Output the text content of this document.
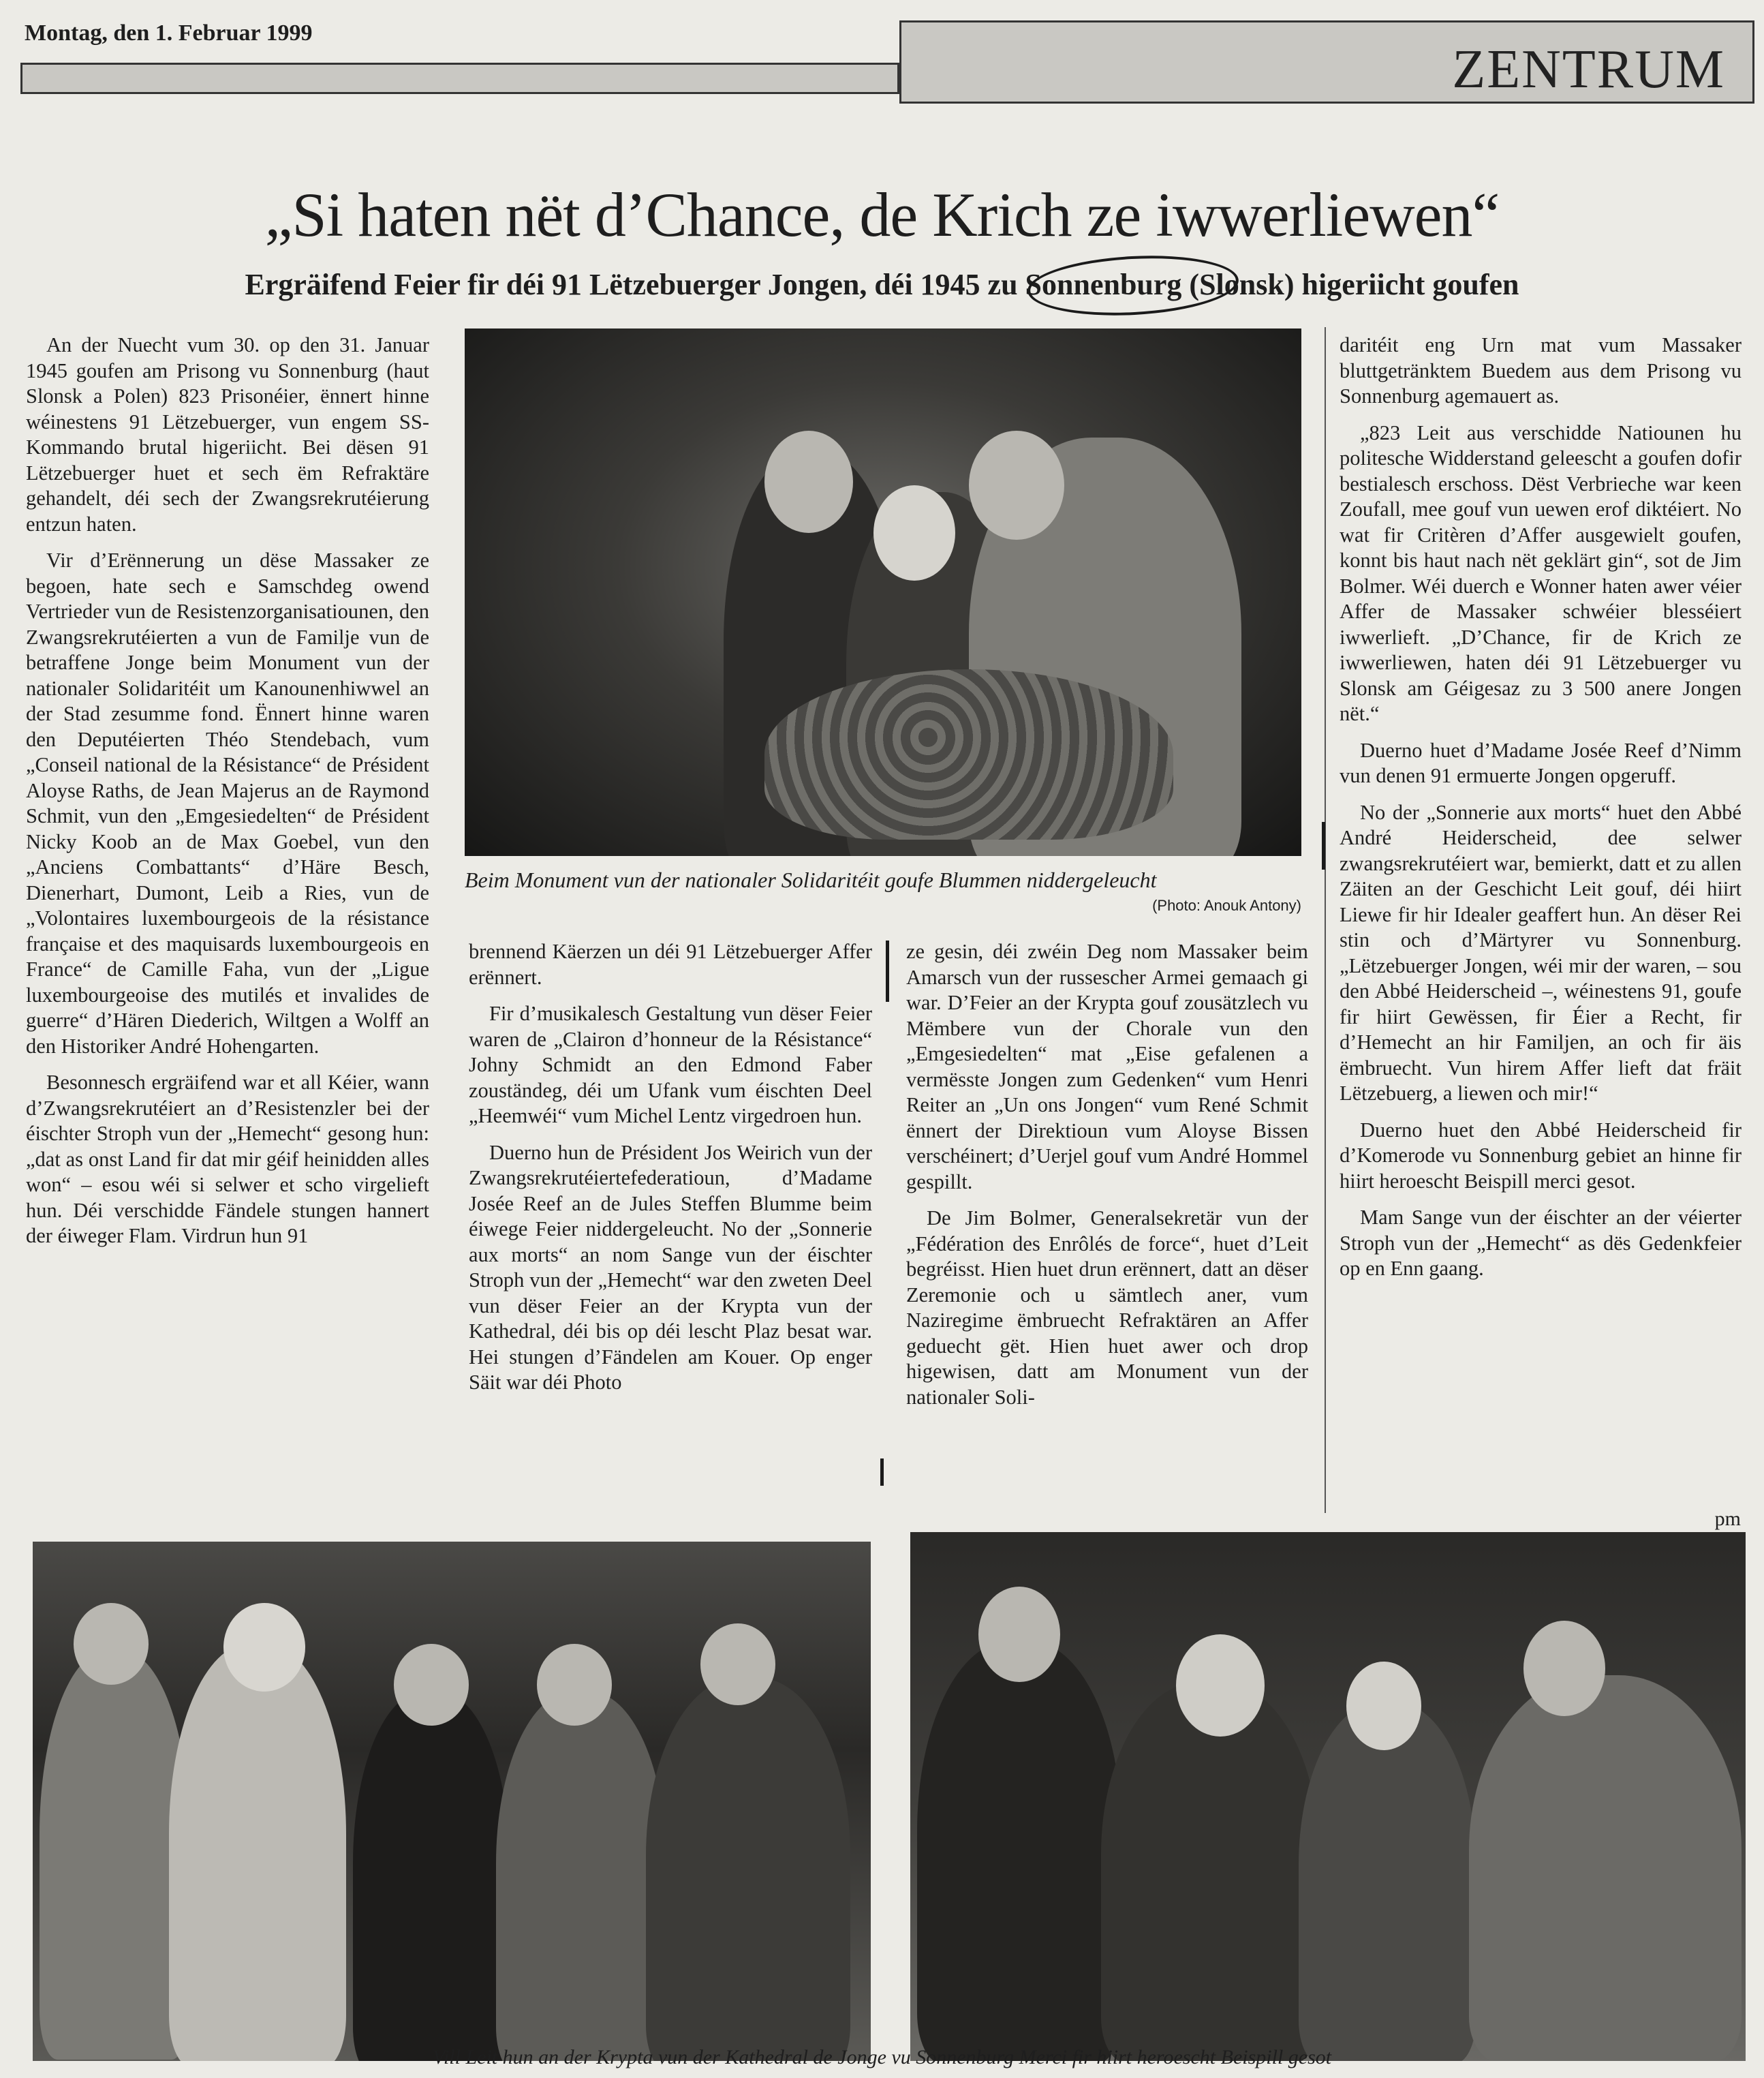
Montag, den 1. Februar 1999
ZENTRUM
„Si haten nët d’Chance, de Krich ze iwwerliewen“
Ergräifend Feier fir déi 91 Lëtzebuerger Jongen, déi 1945 zu Sonnenburg (Slonsk) higeriicht goufen

An der Nuecht vum 30. op den 31. Januar 1945 goufen am Prisong vu Sonnenburg (haut Slonsk a Polen) 823 Prisonéier, ënnert hinne wéinestens 91 Lëtzebuerger, vun engem SS-Kommando brutal higeriicht. Bei dësen 91 Lëtzebuerger huet et sech ëm Refraktäre gehandelt, déi sech der Zwangsrekrutéierung entzun haten.

Vir d’Erënnerung un dëse Massaker ze begoen, hate sech e Samschdeg owend Vertrieder vun de Resistenzorganisatiounen, den Zwangsrekrutéierten a vun de Familje vun de betraffene Jonge beim Monument vun der nationaler Solidaritéit um Kanounenhiwwel an der Stad zesumme fond. Ënnert hinne waren den Deputéierten Théo Stendebach, vum „Conseil national de la Résistance“ de Président Aloyse Raths, de Jean Majerus an de Raymond Schmit, vun den „Emgesiedelten“ de Président Nicky Koob an de Max Goebel, vun den „Anciens Combattants“ d’Häre Besch, Dienerhart, Dumont, Leib a Ries, vun de „Volontaires luxembourgeois de la résistance française et des maquisards luxembourgeois en France“ de Camille Faha, vun der „Ligue luxembourgeoise des mutilés et invalides de guerre“ d’Hären Diederich, Wiltgen a Wolff an den Historiker André Hohengarten.

Besonnesch ergräifend war et all Kéier, wann d’Zwangsrekrutéiert an d’Resistenzler bei der éischter Stroph vun der „Hemecht“ gesong hun: „dat as onst Land fir dat mir géif heinidden alles won“ – esou wéi si selwer et scho virgelieft hun. Déi verschidde Fändele stungen hannert der éiweger Flam. Virdrun hun 91

Beim Monument vun der nationaler Solidaritéit goufe Blummen niddergeleucht
(Photo: Anouk Antony)

brennend Käerzen un déi 91 Lëtzebuerger Affer erënnert.

Fir d’musikalesch Gestaltung vun dëser Feier waren de „Clairon d’honneur de la Résistance“ Johny Schmidt an den Edmond Faber zouständeg, déi um Ufank vum éischten Deel „Heemwéi“ vum Michel Lentz virgedroen hun.

Duerno hun de Président Jos Weirich vun der Zwangsrekrutéiertefederatioun, d’Madame Josée Reef an de Jules Steffen Blumme beim éiwege Feier niddergeleucht. No der „Sonnerie aux morts“ an nom Sange vun der éischter Stroph vun der „Hemecht“ war den zweten Deel vun dëser Feier an der Krypta vun der Kathedral, déi bis op déi lescht Plaz besat war. Hei stungen d’Fändelen am Kouer. Op enger Säit war déi Photo

ze gesin, déi zwéin Deg nom Massaker beim Amarsch vun der russescher Armei gemaach gi war. D’Feier an der Krypta gouf zousätzlech vu Mëmbere vun der Chorale vun den „Emgesiedelten“ mat „Eise gefalenen a vermësste Jongen zum Gedenken“ vum Henri Reiter an „Un ons Jongen“ vum René Schmit ënnert der Direktioun vum Aloyse Bissen verschéinert; d’Uerjel gouf vum André Hommel gespillt.

De Jim Bolmer, Generalsekretär vun der „Fédération des Enrôlés de force“, huet d’Leit begréisst. Hien huet drun erënnert, datt an dëser Zeremonie och u sämtlech aner, vum Naziregime ëmbruecht Refraktären an Affer geduecht gët. Hien huet awer och drop higewisen, datt am Monument vun der nationaler Soli-

daritéit eng Urn mat vum Massaker bluttgetränktem Buedem aus dem Prisong vu Sonnenburg agemauert as.

„823 Leit aus verschidde Natiounen hu politesche Widderstand geleescht a goufen dofir bestialesch erschoss. Dëst Verbrieche war keen Zoufall, mee gouf vun uewen erof diktéiert. No wat fir Critèren d’Affer ausgewielt goufen, konnt bis haut nach nët geklärt gin“, sot de Jim Bolmer. Wéi duerch e Wonner haten awer véier Affer de Massaker schwéier blesséiert iwwerlieft. „D’Chance, fir de Krich ze iwwerliewen, haten déi 91 Lëtzebuerger vu Slonsk am Géigesaz zu 3 500 anere Jongen nët.“

Duerno huet d’Madame Josée Reef d’Nimm vun denen 91 ermuerte Jongen opgeruff.

No der „Sonnerie aux morts“ huet den Abbé André Heiderscheid, dee selwer zwangsrekrutéiert war, bemierkt, datt et zu allen Zäiten an der Geschicht Leit gouf, déi hiirt Liewe fir hir Idealer geaffert hun. An dëser Rei stin och d’Märtyrer vu Sonnenburg. „Lëtzebuerger Jongen, wéi mir der waren, – sou den Abbé Heiderscheid –, wéinestens 91, goufe fir hiirt Gewëssen, fir Éier a Recht, fir d’Hemecht an hir Familjen, an och fir äis ëmbruecht. Vun hirem Affer lieft dat fräit Lëtzebuerg, a liewen och mir!“

Duerno huet den Abbé Heiderscheid fir d’Komerode vu Sonnenburg gebiet an hinne fir hiirt heroescht Beispill merci gesot.

Mam Sange vun der éischter an der véierter Stroph vun der „Hemecht“ as dës Gedenkfeier op en Enn gaang.

pm
Vill Leit hun an der Krypta vun der Kathedral de Jonge vu Sonnenburg Merci fir hiirt heroescht Beispill gesot
